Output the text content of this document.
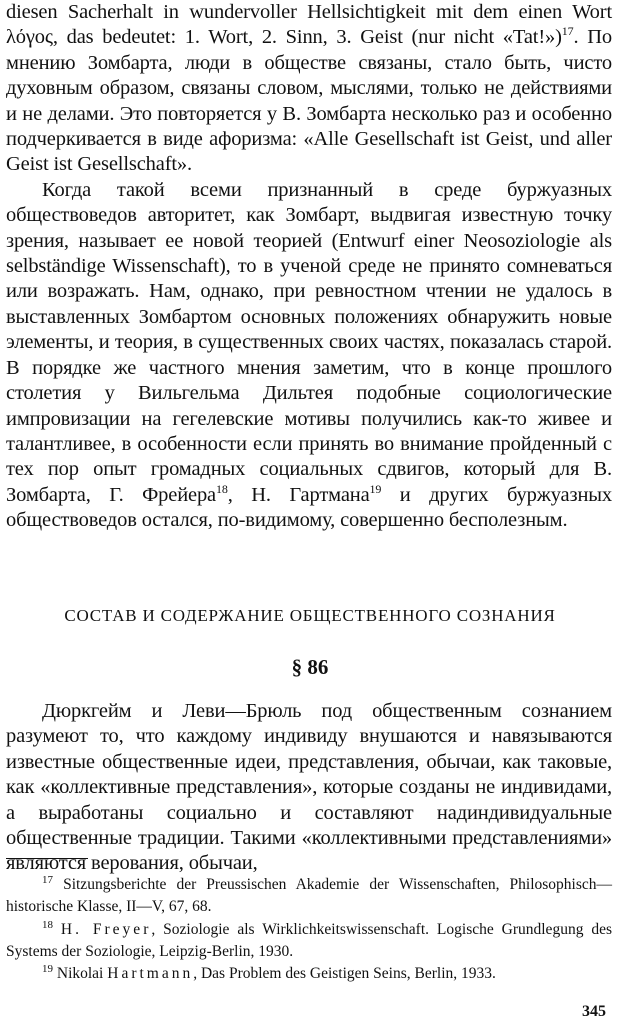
diesen Sacherhalt in wundervoller Hellsichtigkeit mit dem einen Wort λόγος, das bedeutet: 1. Wort, 2. Sinn, 3. Geist (nur nicht «Tat!»)$^{17}$. По мнению Зомбарта, люди в обществе связаны, стало быть, чисто духовным образом, связаны словом, мыслями, только не действиями и не делами. Это повторяется у В. Зомбарта несколько раз и особенно подчеркивается в виде афоризма: «Alle Gesellschaft ist Geist, und aller Geist ist Gesellschaft».

Когда такой всеми признанный в среде буржуазных обществоведов авторитет, как Зомбарт, выдвигая известную точку зрения, называет ее новой теорией (Entwurf einer Neosoziologie als selbständige Wissenschaft), то в ученой среде не принято сомневаться или возражать. Нам, однако, при ревностном чтении не удалось в выставленных Зомбартом основных положениях обнаружить новые элементы, и теория, в существенных своих частях, показалась старой. В порядке же частного мнения заметим, что в конце прошлого столетия у Вильгельма Дильтея подобные социологические импровизации на гегелевские мотивы получились как-то живее и талантливее, в особенности если принять во внимание пройденный с тех пор опыт громадных социальных сдвигов, который для В. Зомбарта, Г. Фрейера$^{18}$, Н. Гартмана$^{19}$ и других буржуазных обществоведов остался, по-видимому, совершенно бесполезным.

СОСТАВ И СОДЕРЖАНИЕ ОБЩЕСТВЕННОГО СОЗНАНИЯ
§ 86

Дюркгейм и Леви—Брюль под общественным сознанием разумеют то, что каждому индивиду внушаются и навязываются известные общественные идеи, представления, обычаи, как таковые, как «коллективные представления», которые созданы не индивидами, а выработаны социально и составляют надиндивидуальные общественные традиции. Такими «коллективными представлениями» являются верования, обычаи,

$^{17}$ Sitzungsberichte der Preussischen Akademie der Wissenschaften, Philosophisch—historische Klasse, II—V, 67, 68.

$^{18}$ H. Freyer, Soziologie als Wirklichkeitswissenschaft. Logische Grundlegung des Systems der Soziologie, Leipzig-Berlin, 1930.

$^{19}$ Nikolai Hartmann, Das Problem des Geistigen Seins, Berlin, 1933.

345
